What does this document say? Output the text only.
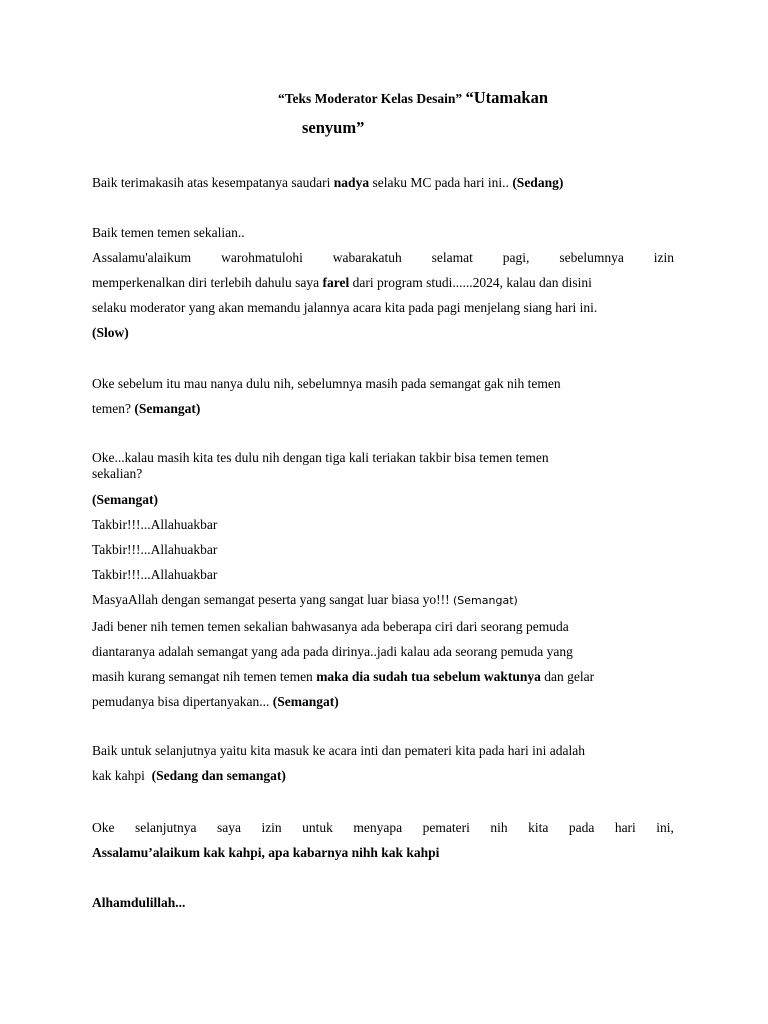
“Teks Moderator Kelas Desain” “Utamakan
senyum”
Baik terimakasih atas kesempatanya saudari nadya selaku MC pada hari ini.. (Sedang)
Baik temen temen sekalian..
Assalamu'alaikum warohmatulohi wabarakatuh selamat pagi, sebelumnya izin
memperkenalkan diri terlebih dahulu saya farel dari program studi......2024, kalau dan disini
selaku moderator yang akan memandu jalannya acara kita pada pagi menjelang siang hari ini.
(Slow)
Oke sebelum itu mau nanya dulu nih, sebelumnya masih pada semangat gak nih temen
temen? (Semangat)
Oke...kalau masih kita tes dulu nih dengan tiga kali teriakan takbir bisa temen temen
sekalian?
(Semangat)
Takbir!!!...Allahuakbar
Takbir!!!...Allahuakbar
Takbir!!!...Allahuakbar
MasyaAllah dengan semangat peserta yang sangat luar biasa yo!!! (Semangat)
Jadi bener nih temen temen sekalian bahwasanya ada beberapa ciri dari seorang pemuda
diantaranya adalah semangat yang ada pada dirinya..jadi kalau ada seorang pemuda yang
masih kurang semangat nih temen temen maka dia sudah tua sebelum waktunya dan gelar
pemudanya bisa dipertanyakan... (Semangat)
Baik untuk selanjutnya yaitu kita masuk ke acara inti dan pemateri kita pada hari ini adalah
kak kahpi  (Sedang dan semangat)
Oke selanjutnya saya izin untuk menyapa pemateri nih kita pada hari ini,
Assalamu’alaikum kak kahpi, apa kabarnya nihh kak kahpi
Alhamdulillah...
